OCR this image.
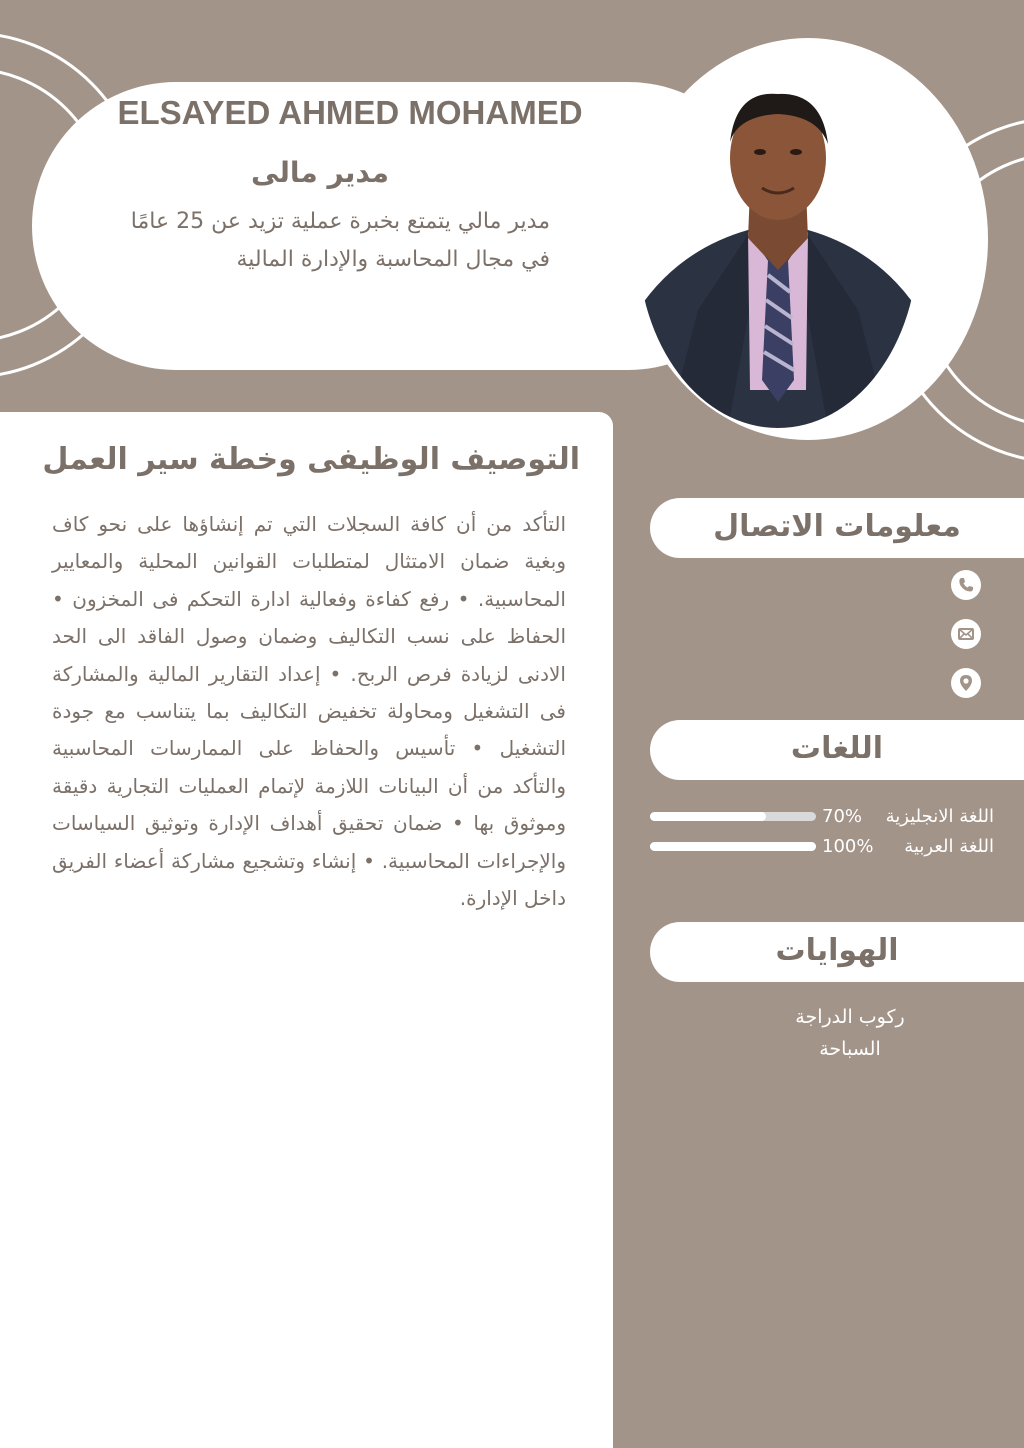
ELSAYED AHMED MOHAMED
مدير مالى
مدير مالي يتمتع بخبرة عملية تزيد عن 25 عامًا في مجال المحاسبة والإدارة المالية
التوصيف الوظيفى وخطة سير العمل
التأكد من أن كافة السجلات التي تم إنشاؤها على نحو كاف وبغية ضمان الامتثال لمتطلبات القوانين المحلية والمعايير المحاسبية. • رفع كفاءة وفعالية ادارة التحكم فى المخزون • الحفاظ على نسب التكاليف وضمان وصول الفاقد الى الحد الادنى لزيادة فرص الربح. • إعداد التقارير المالية والمشاركة فى التشغيل ومحاولة تخفيض التكاليف بما يتناسب مع جودة التشغيل • تأسيس والحفاظ على الممارسات المحاسبية والتأكد من أن البيانات اللازمة لإتمام العمليات التجارية دقيقة وموثوق بها • ضمان تحقيق أهداف الإدارة وتوثيق السياسات والإجراءات المحاسبية. • إنشاء وتشجيع مشاركة أعضاء الفريق داخل الإدارة.
معلومات الاتصال
اللغات
اللغة الانجليزية
70%
اللغة العربية
100%
الهوايات
ركوب الدراجة
السباحة
